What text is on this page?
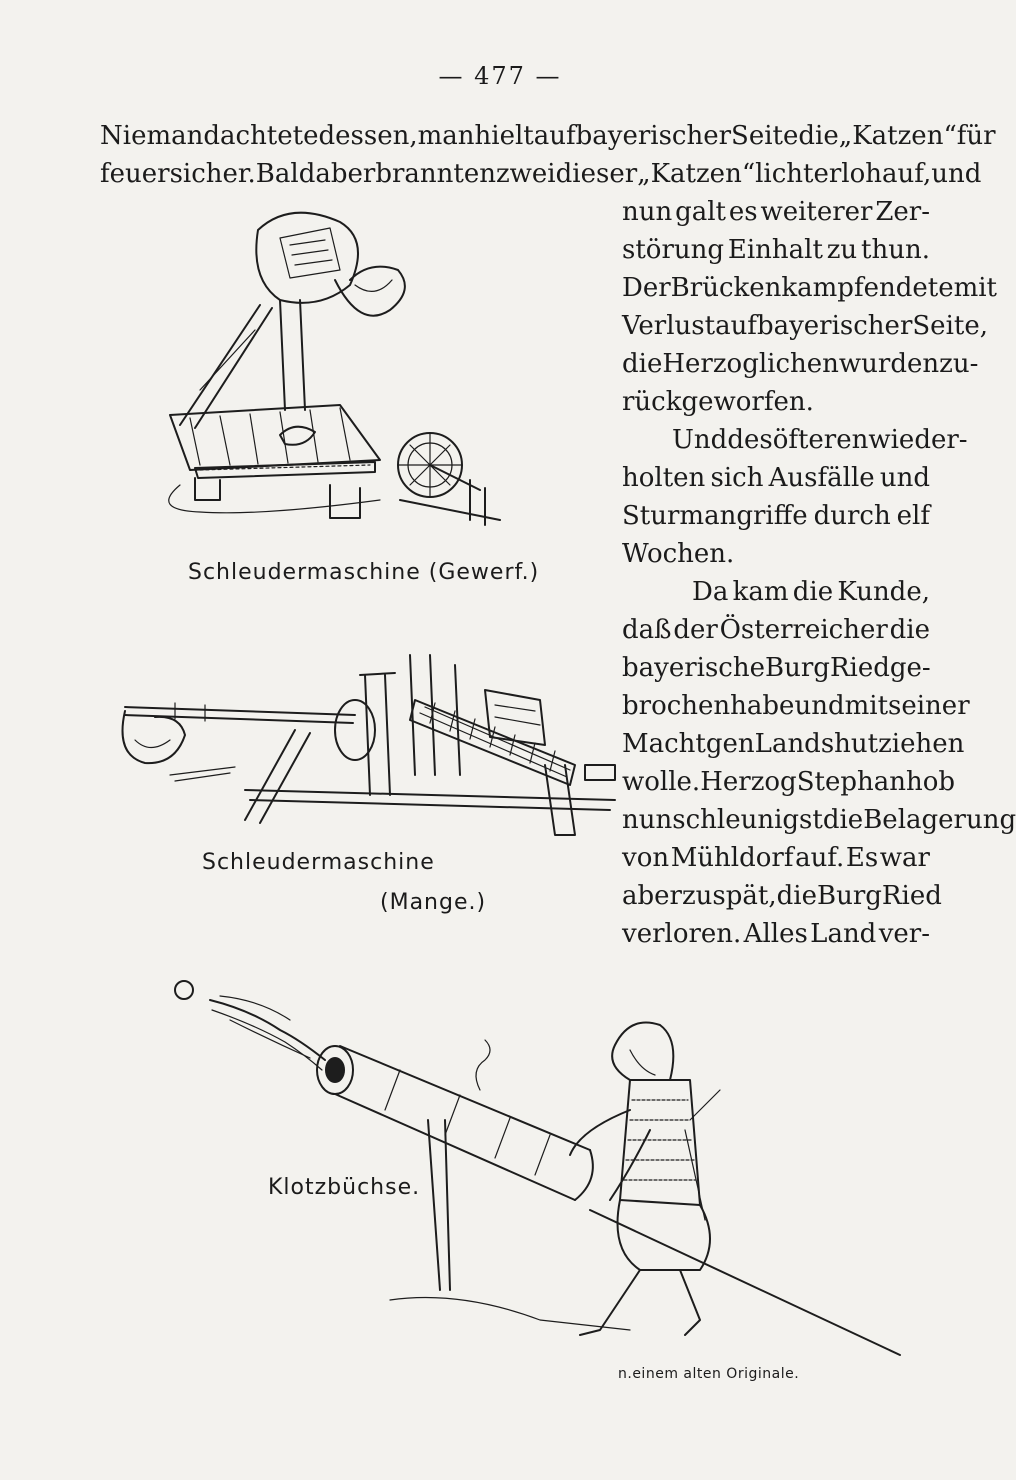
— 477 —
Niemand achtete dessen, man hielt auf bayerischer Seite die „Katzen“ für
feuersicher. Bald aber brannten zwei dieser „Katzen“ lichterloh auf, und
nun galt es weiterer Zer-
störung Einhalt zu thun.
Der Brückenkampf endete mit
Verlust auf bayerischer Seite,
die Herzoglichen wurden zu-
rückgeworfen.
Und des öfteren wieder-
holten sich Ausfälle und
Sturmangriffe durch elf
Wochen.
Da kam die Kunde,
daß der Österreicher die
bayerische Burg Ried ge-
brochen habe und mit seiner
Macht gen Landshut ziehen
wolle. Herzog Stephan hob
nun schleunigst die Belagerung
von Mühldorf auf. Es war
aber zu spät, die Burg Ried
verloren. Alles Land ver-
Schleudermaschine (Gewerf.)
Schleudermaschine
(Mange.)
Klotzbüchse.
n.einem alten Originale.
